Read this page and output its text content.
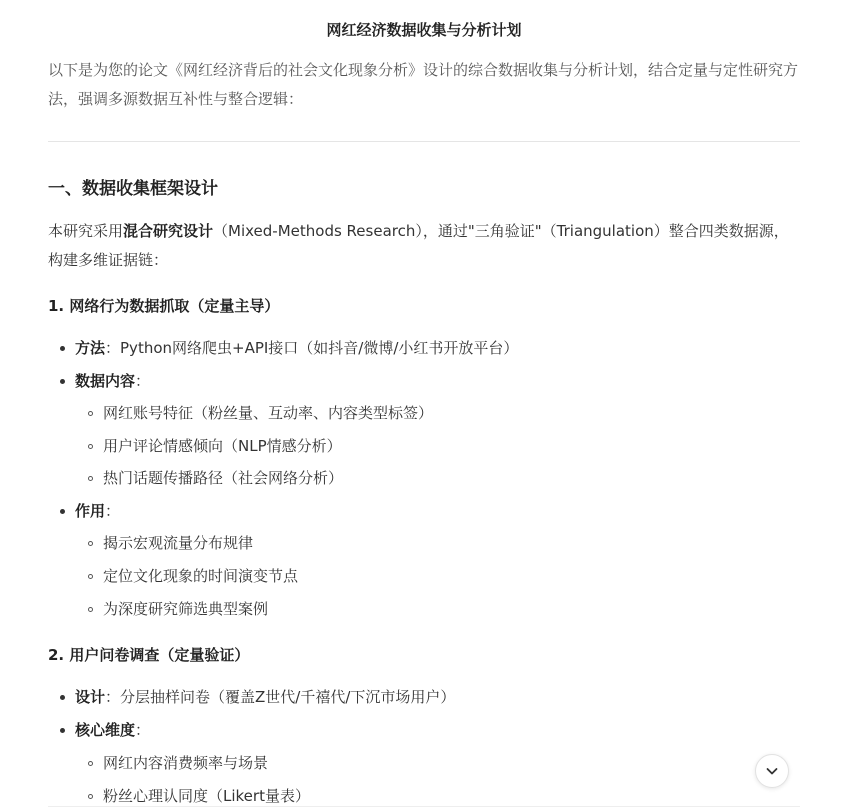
网红经济数据收集与分析计划
以下是为您的论文《网红经济背后的社会文化现象分析》设计的综合数据收集与分析计划，结合定量与定性研究方法，强调多源数据互补性与整合逻辑：
一、数据收集框架设计
本研究采用混合研究设计（Mixed-Methods Research），通过"三角验证"（Triangulation）整合四类数据源，构建多维证据链：
1. 网络行为数据抓取（定量主导）
方法：Python网络爬虫+API接口（如抖音/微博/小红书开放平台）
数据内容：
网红账号特征（粉丝量、互动率、内容类型标签）
用户评论情感倾向（NLP情感分析）
热门话题传播路径（社会网络分析）
作用：
揭示宏观流量分布规律
定位文化现象的时间演变节点
为深度研究筛选典型案例
2. 用户问卷调查（定量验证）
设计：分层抽样问卷（覆盖Z世代/千禧代/下沉市场用户）
核心维度：
网红内容消费频率与场景
粉丝心理认同度（Likert量表）
